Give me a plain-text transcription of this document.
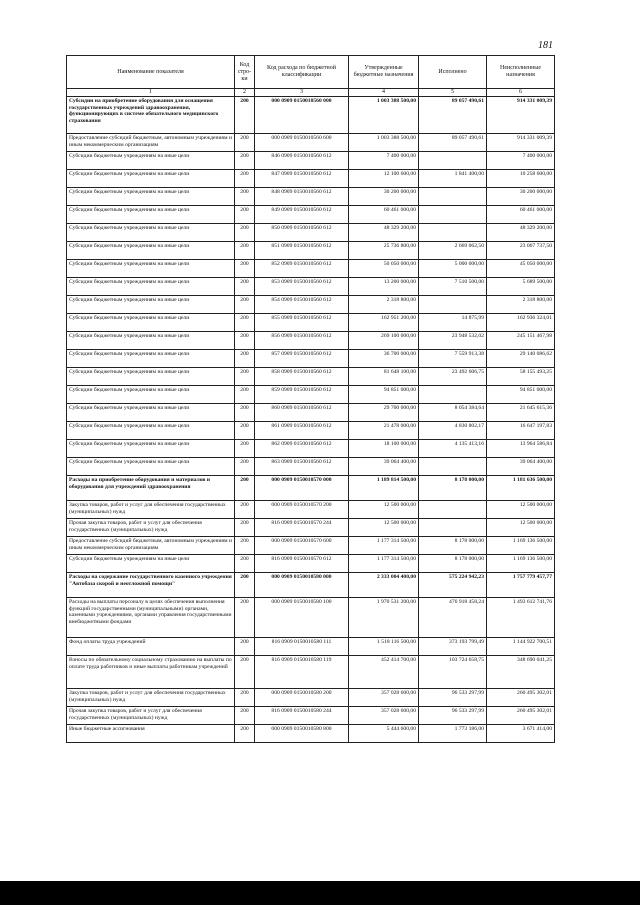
181
Наименование показателя	Код стро-ки	Код расхода по бюджетной классификации	Утвержденные бюджетные назначения	Исполнено	Неисполненные назначения
1	2	3	4	5	6
Субсидии на приобретение оборудования для оснащения государственных учреждений здравоохранения, функционирующих в системе обязательного медицинского страхования	200	000 0909 0150010560 000	1 003 388 500,00	89 057 490,61	914 331 009,39
Предоставление субсидий бюджетным, автономным учреждениям и иным некоммерческим организациям	200	000 0909 0150010560 600	1 003 388 500,00	89 057 490,61	914 331 009,39
Субсидии бюджетным учреждениям на иные цели	200	846 0909 0150010560 612	7 400 000,00		7 400 000,00
Субсидии бюджетным учреждениям на иные цели	200	847 0909 0150010560 612	12 100 600,00	1 841 400,00	10 258 600,00
Субсидии бюджетным учреждениям на иные цели	200	848 0909 0150010560 612	30 200 000,00		30 200 000,00
Субсидии бюджетным учреждениям на иные цели	200	849 0909 0150010560 612	60 461 000,00		60 461 000,00
Субсидии бюджетным учреждениям на иные цели	200	850 0909 0150010560 612	48 329 200,00		48 329 200,00
Субсидии бюджетным учреждениям на иные цели	200	851 0909 0150010560 612	25 736 800,00	2 669 062,50	23 067 737,50
Субсидии бюджетным учреждениям на иные цели	200	852 0909 0150010560 612	50 050 000,00	5 000 000,00	45 050 000,00
Субсидии бюджетным учреждениям на иные цели	200	853 0909 0150010560 612	13 200 000,00	7 510 500,00	5 689 500,00
Субсидии бюджетным учреждениям на иные цели	200	854 0909 0150010560 612	2 318 800,00		2 318 800,00
Субсидии бюджетным учреждениям на иные цели	200	855 0909 0150010560 612	162 951 200,00	14 875,99	162 936 324,01
Субсидии бюджетным учреждениям на иные цели	200	856 0909 0150010560 612	269 100 000,00	23 948 532,02	245 151 467,98
Субсидии бюджетным учреждениям на иные цели	200	857 0909 0150010560 612	36 700 000,00	7 559 913,38	29 140 086,62
Субсидии бюджетным учреждениям на иные цели	200	858 0909 0150010560 612	81 648 100,00	23 492 606,75	58 155 493,25
Субсидии бюджетным учреждениям на иные цели	200	859 0909 0150010560 612	94 851 000,00		94 851 000,00
Субсидии бюджетным учреждениям на иные цели	200	860 0909 0150010560 612	29 700 000,00	8 054 384,64	21 645 615,36
Субсидии бюджетным учреждениям на иные цели	200	861 0909 0150010560 612	21 478 000,00	4 830 802,17	16 647 197,83
Субсидии бюджетным учреждениям на иные цели	200	862 0909 0150010560 612	18 100 000,00	4 135 413,16	13 964 586,84
Субсидии бюджетным учреждениям на иные цели	200	863 0909 0150010560 612	39 064 400,00		39 064 400,00
Расходы на приобретение оборудования и материалов и оборудования для учреждений здравоохранения	200	000 0909 0150010570 000	1 189 814 500,00	8 178 000,00	1 181 636 500,00
Закупка товаров, работ и услуг для обеспечения государственных (муниципальных) нужд	200	000 0909 0150010570 200	12 500 000,00		12 500 000,00
Прочая закупка товаров, работ и услуг для обеспечения государственных (муниципальных) нужд	200	816 0909 0150010570 244	12 500 000,00		12 500 000,00
Предоставление субсидий бюджетным, автономным учреждениям и иным некоммерческим организациям	200	000 0909 0150010570 600	1 177 314 500,00	8 178 000,00	1 169 136 500,00
Субсидии бюджетным учреждениям на иные цели	200	816 0909 0150010570 612	1 177 314 500,00	8 178 000,00	1 169 136 500,00
Расходы на содержание государственного казенного учреждения "Автобаза скорой и неотложной помощи"	200	000 0909 0150010580 000	2 333 004 400,00	575 224 942,23	1 757 779 457,77
Расходы на выплаты персоналу в целях обеспечения выполнения функций государственными (муниципальными) органами, казенными учреждениями, органами управления государственными внебюджетными фондами	200	000 0909 0150010580 100	1 970 531 200,00	476 918 458,24	1 493 612 741,76
Фонд оплаты труда учреждений	200	816 0909 0150010580 111	1 518 116 500,00	373 193 799,49	1 144 922 700,51
Взносы по обязательному социальному страхованию на выплаты по оплате труда работников и иные выплаты работникам учреждений	200	816 0909 0150010580 119	452 414 700,00	103 724 658,75	348 690 041,25
Закупка товаров, работ и услуг для обеспечения государственных (муниципальных) нужд	200	000 0909 0150010580 200	357 028 600,00	96 533 297,99	260 495 302,01
Прочая закупка товаров, работ и услуг для обеспечения государственных (муниципальных) нужд	200	816 0909 0150010580 244	357 028 600,00	96 533 297,99	260 495 302,01
Иные бюджетные ассигнования	200	000 0909 0150010580 800	5 444 600,00	1 773 186,00	3 671 414,00
